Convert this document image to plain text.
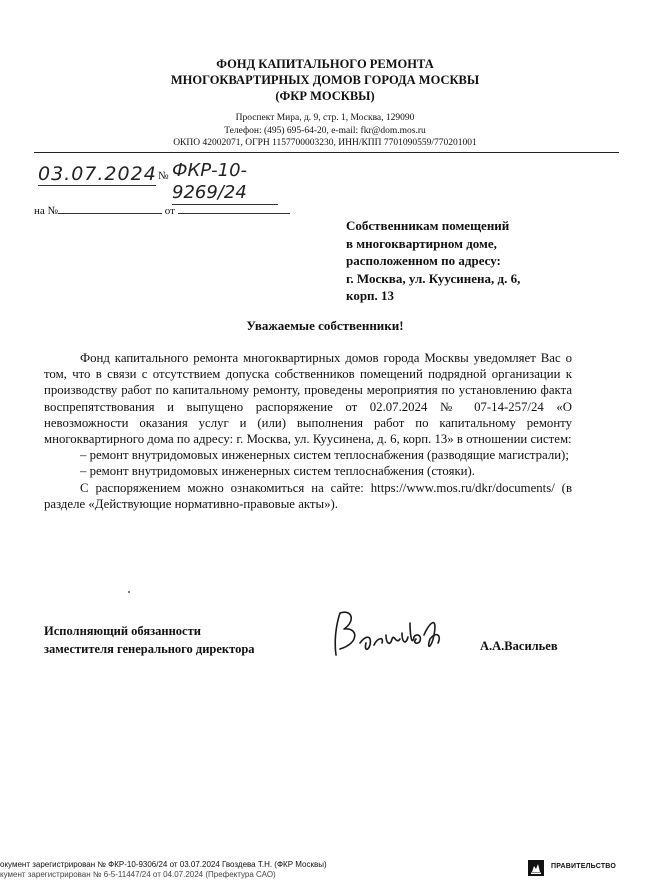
ФОНД КАПИТАЛЬНОГО РЕМОНТА
МНОГОКВАРТИРНЫХ ДОМОВ ГОРОДА МОСКВЫ
(ФКР МОСКВЫ)
Проспект Мира, д. 9, стр. 1, Москва, 129090
Телефон: (495) 695-64-20, e-mail: fkr@dom.mos.ru
ОКПО 42002071, ОГРН 1157700003230, ИНН/КПП 7701090559/770201001
03.07.2024 № ФКР-10-9269/24
на №	от
Собственникам помещений
в многоквартирном доме,
расположенном по адресу:
г. Москва, ул. Куусинена, д. 6,
корп. 13
Уважаемые собственники!

Фонд капитального ремонта многоквартирных домов города Москвы уведомляет Вас о том, что в связи с отсутствием допуска собственников помещений подрядной организации к производству работ по капитальному ремонту, проведены мероприятия по установлению факта воспрепятствования и выпущено распоряжение от 02.07.2024 № 07-14-257/24 «О невозможности оказания услуг и (или) выполнения работ по капитальному ремонту многоквартирного дома по адресу: г. Москва, ул. Куусинена, д. 6, корп. 13» в отношении систем:

– ремонт внутридомовых инженерных систем теплоснабжения (разводящие магистрали);

– ремонт внутридомовых инженерных систем теплоснабжения (стояки).

С распоряжением можно ознакомиться на сайте: https://www.mos.ru/dkr/documents/ (в разделе «Действующие нормативно-правовые акты»).

Исполняющий обязанности
заместителя генерального директора	А.А.Васильев
окумент зарегистрирован № ФКР-10-9306/24 от 03.07.2024 Гвоздева Т.Н. (ФКР Москвы)
кумент зарегистрирован № 6-5-11447/24 от 04.07.2024 (Префектура САО)
ПРАВИТЕЛЬСТВО
